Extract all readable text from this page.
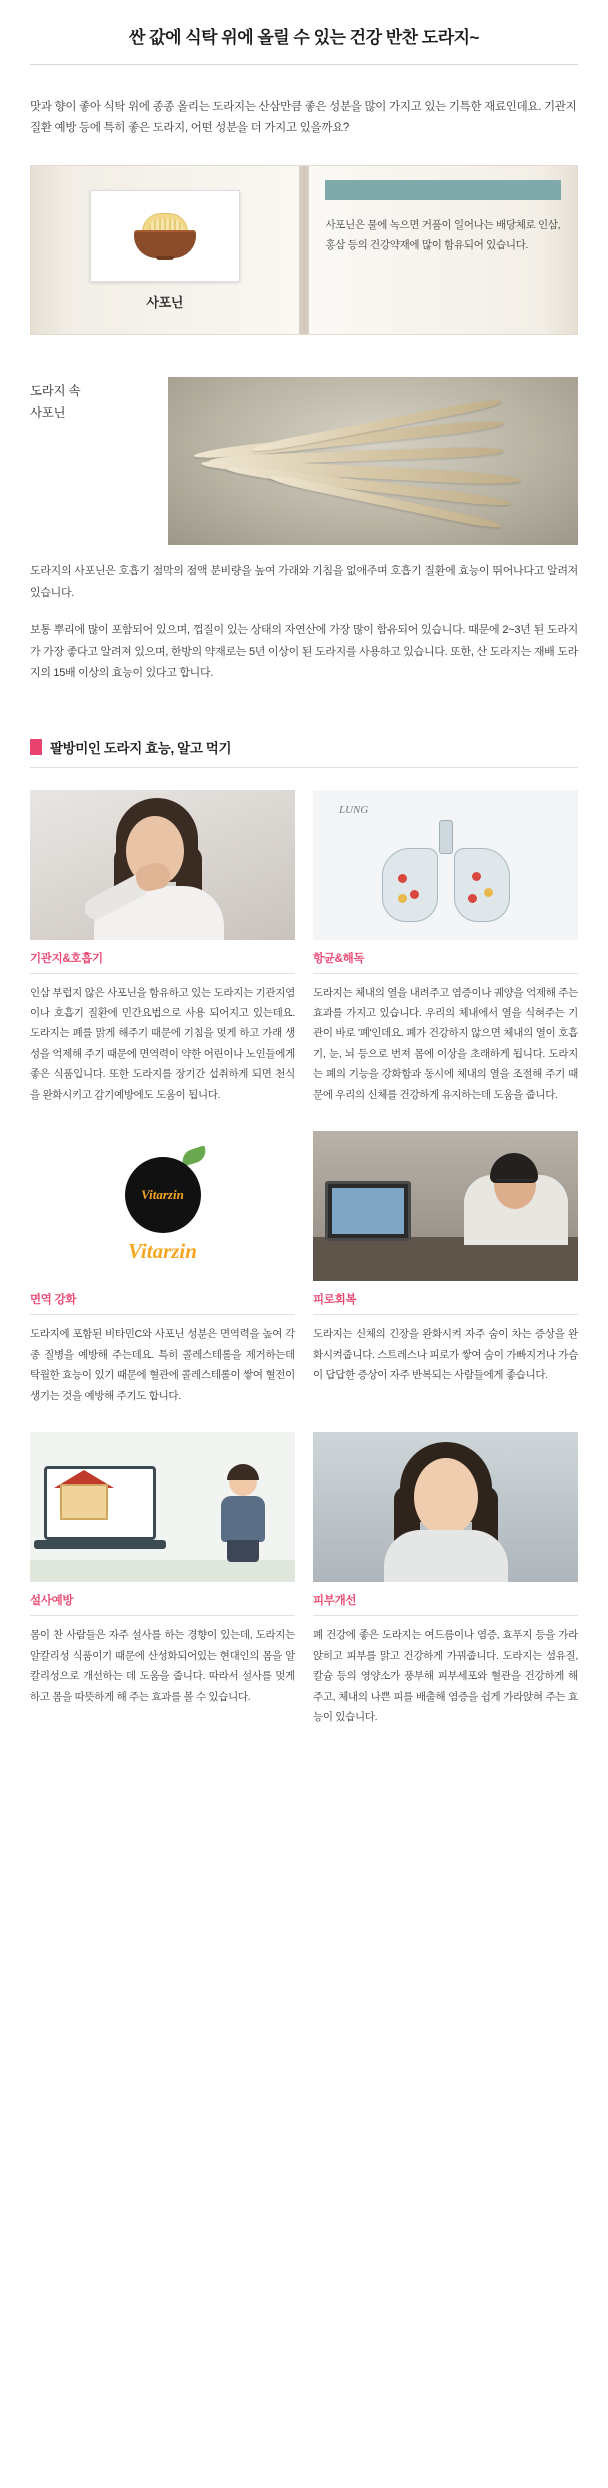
싼 값에 식탁 위에 올릴 수 있는 건강 반찬 도라지~
맛과 향이 좋아 식탁 위에 종종 올리는 도라지는 산삼만큼 좋은 성분을 많이 가지고 있는 기특한 재료인데요. 기관지 질환 예방 등에 특히 좋은 도라지, 어떤 성분을 더 가지고 있을까요?
사포닌
사포닌은 물에 녹으면 거품이 일어나는 배당체로 인삼, 홍삼 등의 건강약재에 많이 함유되어 있습니다.
도라지 속
사포닌
도라지의 사포닌은 호흡기 점막의 점액 분비량을 높여 가래와 기침을 없애주며 호흡기 질환에 효능이 뛰어나다고 알려져 있습니다.
보통 뿌리에 많이 포함되어 있으며, 껍질이 있는 상태의 자연산에 가장 많이 함유되어 있습니다. 때문에 2~3년 된 도라지가 가장 좋다고 알려져 있으며, 한방의 약재로는 5년 이상이 된 도라지를 사용하고 있습니다. 또한, 산 도라지는 재배 도라지의 15배 이상의 효능이 있다고 합니다.
팔방미인 도라지 효능, 알고 먹기
기관지&호흡기
인삼 부럽지 않은 사포닌을 함유하고 있는 도라지는 기관지염이나 호흡기 질환에 민간요법으로 사용 되어지고 있는데요. 도라지는 폐를 맑게 해주기 때문에 기침을 멎게 하고 가래 생성을 억제해 주기 때문에 면역력이 약한 어린이나 노인들에게 좋은 식품입니다. 또한 도라지를 장기간 섭취하게 되면 천식을 완화시키고 감기예방에도 도움이 됩니다.
LUNG
항균&해독
도라지는 체내의 열을 내려주고 염증이나 궤양을 억제해 주는 효과를 가지고 있습니다. 우리의 체내에서 열을 식혀주는 기관이 바로 '폐'인데요. 폐가 건강하지 않으면 체내의 열이 호흡기, 눈, 뇌 등으로 번져 몸에 이상을 초래하게 됩니다. 도라지는 폐의 기능을 강화함과 동시에 체내의 열을 조절해 주기 때문에 우리의 신체를 건강하게 유지하는데 도움을 줍니다.
Vitarzin
Vitarzin
면역 강화
도라지에 포함된 비타민C와 사포닌 성분은 면역력을 높여 각종 질병을 예방해 주는데요. 특히 콜레스테롤을 제거하는데 탁월한 효능이 있기 때문에 혈관에 콜레스테롤이 쌓여 혈전이 생기는 것을 예방해 주기도 합니다.
피로회복
도라지는 신체의 긴장을 완화시켜 자주 숨이 차는 증상을 완화시켜줍니다. 스트레스나 피로가 쌓여 숨이 가빠지거나 가슴이 답답한 증상이 자주 반복되는 사람들에게 좋습니다.
설사예방
몸이 찬 사람들은 자주 설사를 하는 경향이 있는데, 도라지는 알칼리성 식품이기 때문에 산성화되어있는 현대인의 몸을 알칼리성으로 개선하는 데 도움을 줍니다. 따라서 설사를 멎게 하고 몸을 따뜻하게 해 주는 효과를 볼 수 있습니다.
피부개선
폐 건강에 좋은 도라지는 여드름이나 염증, 효푸지 등을 가라앉히고 피부를 맑고 건강하게 가꿔줍니다. 도라지는 섬유질, 칼슘 등의 영양소가 풍부해 피부세포와 혈관을 건강하게 해 주고, 체내의 나쁜 피를 배출해 염증을 쉽게 가라앉혀 주는 효능이 있습니다.
